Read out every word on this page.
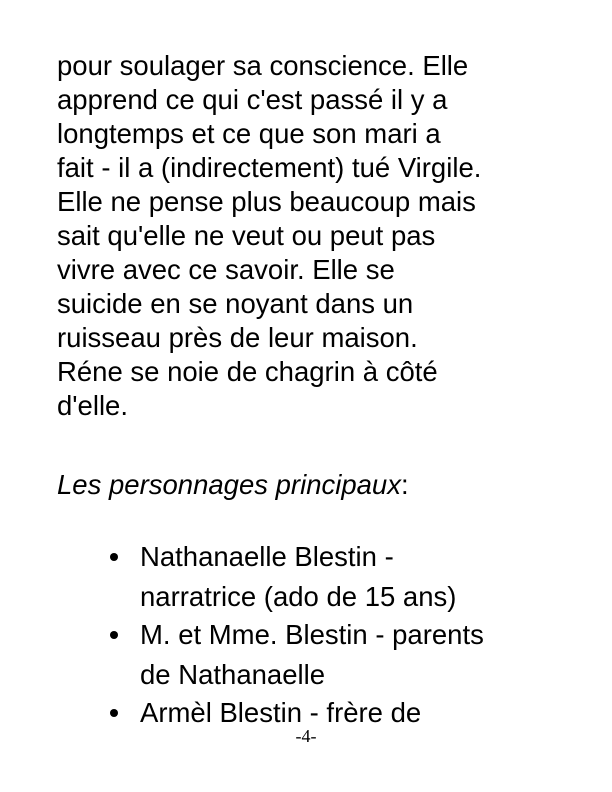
pour soulager sa conscience. Elle
apprend ce qui c'est passé il y a
longtemps et ce que son mari a
fait - il a (indirectement) tué Virgile.
Elle ne pense plus beaucoup mais
sait qu'elle ne veut ou peut pas
vivre avec ce savoir. Elle se
suicide en se noyant dans un
ruisseau près de leur maison.
Réne se noie de chagrin à côté
d'elle.

Les personnages principaux:

Nathanaelle Blestin -
narratrice (ado de 15 ans)
M. et Mme. Blestin - parents
de Nathanaelle
Armèl Blestin - frère de
-4-
